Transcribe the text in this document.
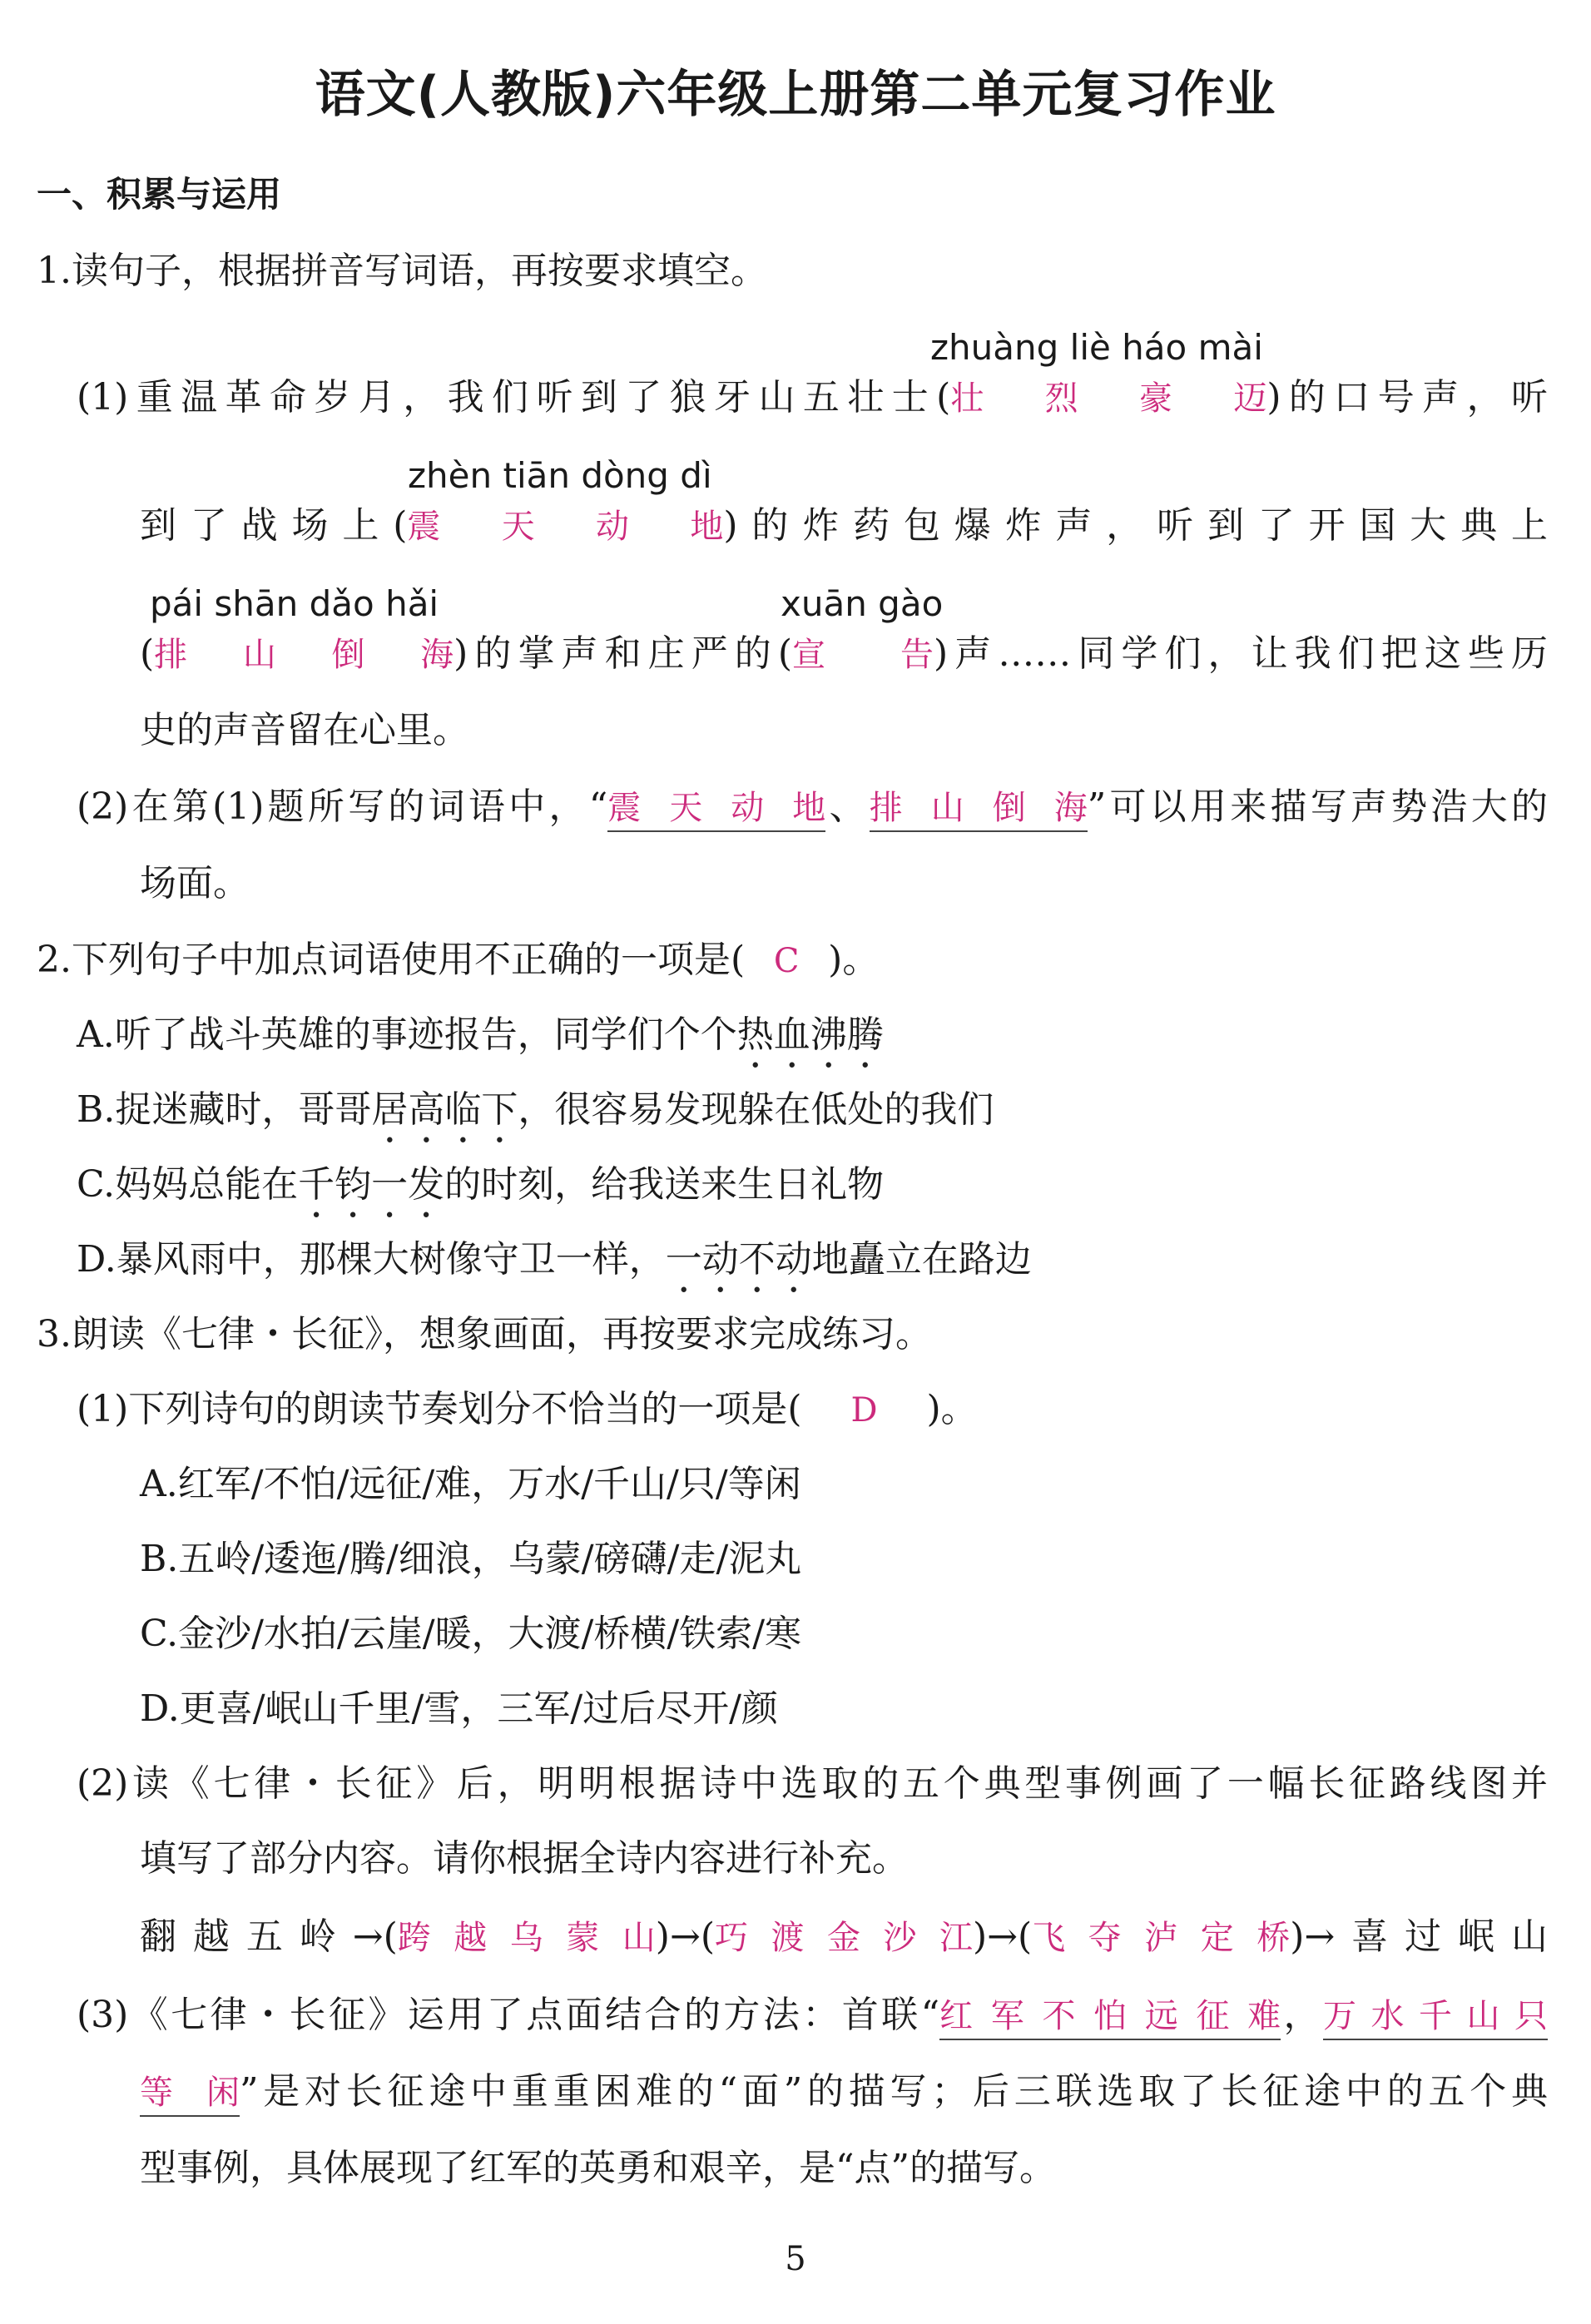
语文(人教版)六年级上册第二单元复习作业
一、积累与运用
1.读句子，根据拼音写词语，再按要求填空。
zhuàng liè háo mài
(1)重温革命岁月，我们听到了狼牙山五壮士(壮烈豪迈)的口号声，听
zhèn tiān dòng dì
到了战场上(震天动地)的炸药包爆炸声，听到了开国大典上
pái shān dǎo hǎi	xuān gào
(排山倒海)的掌声和庄严的(宣告)声……同学们，让我们把这些历
史的声音留在心里。
(2)在第(1)题所写的词语中，“震天动地、排山倒海”可以用来描写声势浩大的
场面。
2.下列句子中加点词语使用不正确的一项是( C )。
A.听了战斗英雄的事迹报告，同学们个个热血沸腾
B.捉迷藏时，哥哥居高临下，很容易发现躲在低处的我们
C.妈妈总能在千钧一发的时刻，给我送来生日礼物
D.暴风雨中，那棵大树像守卫一样，一动不动地矗立在路边
3.朗读《七律・长征》，想象画面，再按要求完成练习。
(1)下列诗句的朗读节奏划分不恰当的一项是( D )。
A.红军/不怕/远征/难，万水/千山/只/等闲
B.五岭/逶迤/腾/细浪，乌蒙/磅礴/走/泥丸
C.金沙/水拍/云崖/暖，大渡/桥横/铁索/寒
D.更喜/岷山千里/雪，三军/过后尽开/颜
(2)读《七律・长征》后，明明根据诗中选取的五个典型事例画了一幅长征路线图并
填写了部分内容。请你根据全诗内容进行补充。
翻越五岭→(跨越乌蒙山)→(巧渡金沙江)→(飞夺泸定桥)→喜过岷山
(3)《七律・长征》运用了点面结合的方法：首联“红军不怕远征难，万水千山只
等闲”是对长征途中重重困难的“面”的描写；后三联选取了长征途中的五个典
型事例，具体展现了红军的英勇和艰辛，是“点”的描写。
5
